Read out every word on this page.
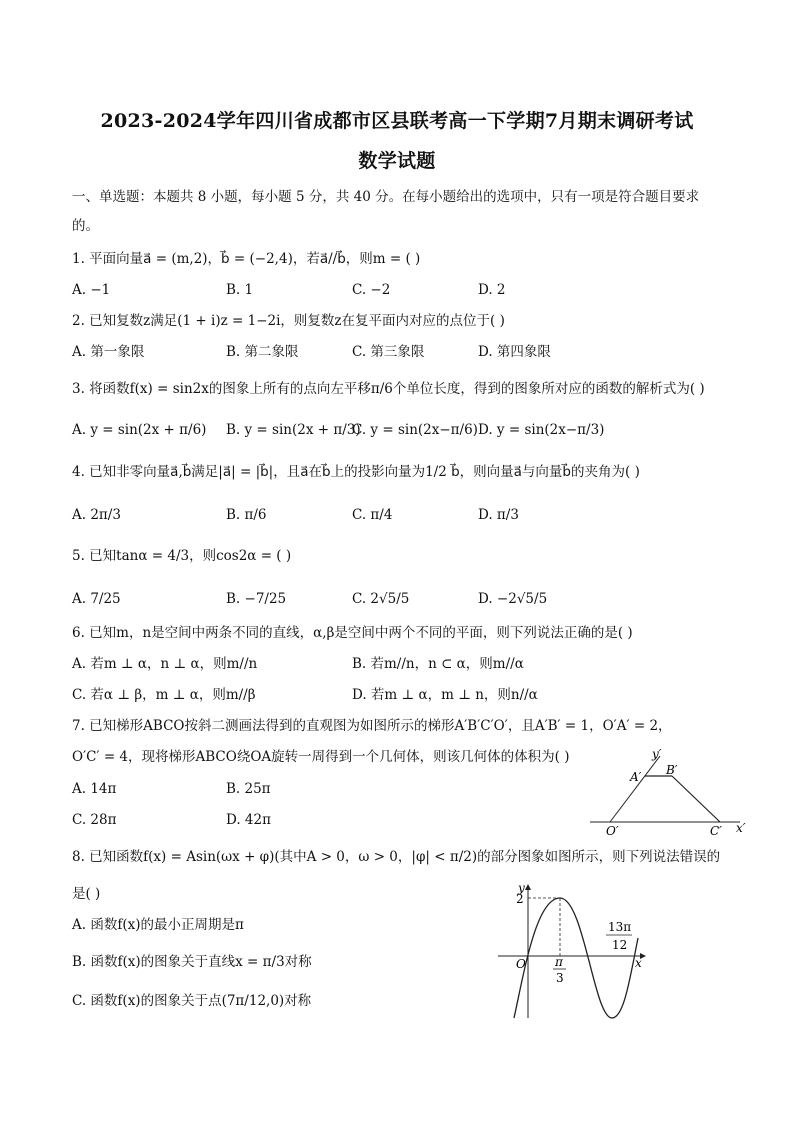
2023-2024学年四川省成都市区县联考高一下学期7月期末调研考试
数学试题
一、单选题：本题共 8 小题，每小题 5 分，共 40 分。在每小题给出的选项中，只有一项是符合题目要求
的。
1. 平面向量a⃗ = (m,2)，b⃗ = (−2,4)，若a⃗//b⃗，则m = ( )
A. −1	B. 1	C. −2	D. 2
2. 已知复数z满足(1 + i)z = 1−2i，则复数z在复平面内对应的点位于( )
A. 第一象限	B. 第二象限	C. 第三象限	D. 第四象限
3. 将函数f(x) = sin2x的图象上所有的点向左平移π/6个单位长度，得到的图象所对应的函数的解析式为( )
A. y = sin(2x + π/6) B. y = sin(2x + π/3)
C. y = sin(2x−π/6) D. y = sin(2x−π/3)
4. 已知非零向量a⃗,b⃗满足|a⃗| = |b⃗|，且a⃗在b⃗上的投影向量为1/2 b⃗，则向量a⃗与向量b⃗的夹角为( )
A. 2π/3	B. π/6	C. π/4	D. π/3
5. 已知tanα = 4/3，则cos2α = ( )
A. 7/25	B. −7/25	C. 2√5/5	D. −2√5/5
6. 已知m，n是空间中两条不同的直线，α,β是空间中两个不同的平面，则下列说法正确的是( )
A. 若m ⊥ α，n ⊥ α，则m//n	B. 若m//n，n ⊂ α，则m//α
C. 若α ⊥ β，m ⊥ α，则m//β	D. 若m ⊥ α，m ⊥ n，则n//α
7. 已知梯形ABCO按斜二测画法得到的直观图为如图所示的梯形A′B′C′O′，且A′B′ = 1，O′A′ = 2，
O′C′ = 4，现将梯形ABCO绕OA旋转一周得到一个几何体，则该几何体的体积为( )
A. 14π	B. 25π
C. 28π	D. 42π
y′
A′ B′
O′	C′ x′
8. 已知函数f(x) = Asin(ωx + φ)(其中A > 0，ω > 0，|φ| < π/2)的部分图象如图所示，则下列说法错误的
是( )
A. 函数f(x)的最小正周期是π
B. 函数f(x)的图象关于直线x = π/3对称
C. 函数f(x)的图象关于点(7π/12,0)对称
y
2
O π
3
13π
12
x
